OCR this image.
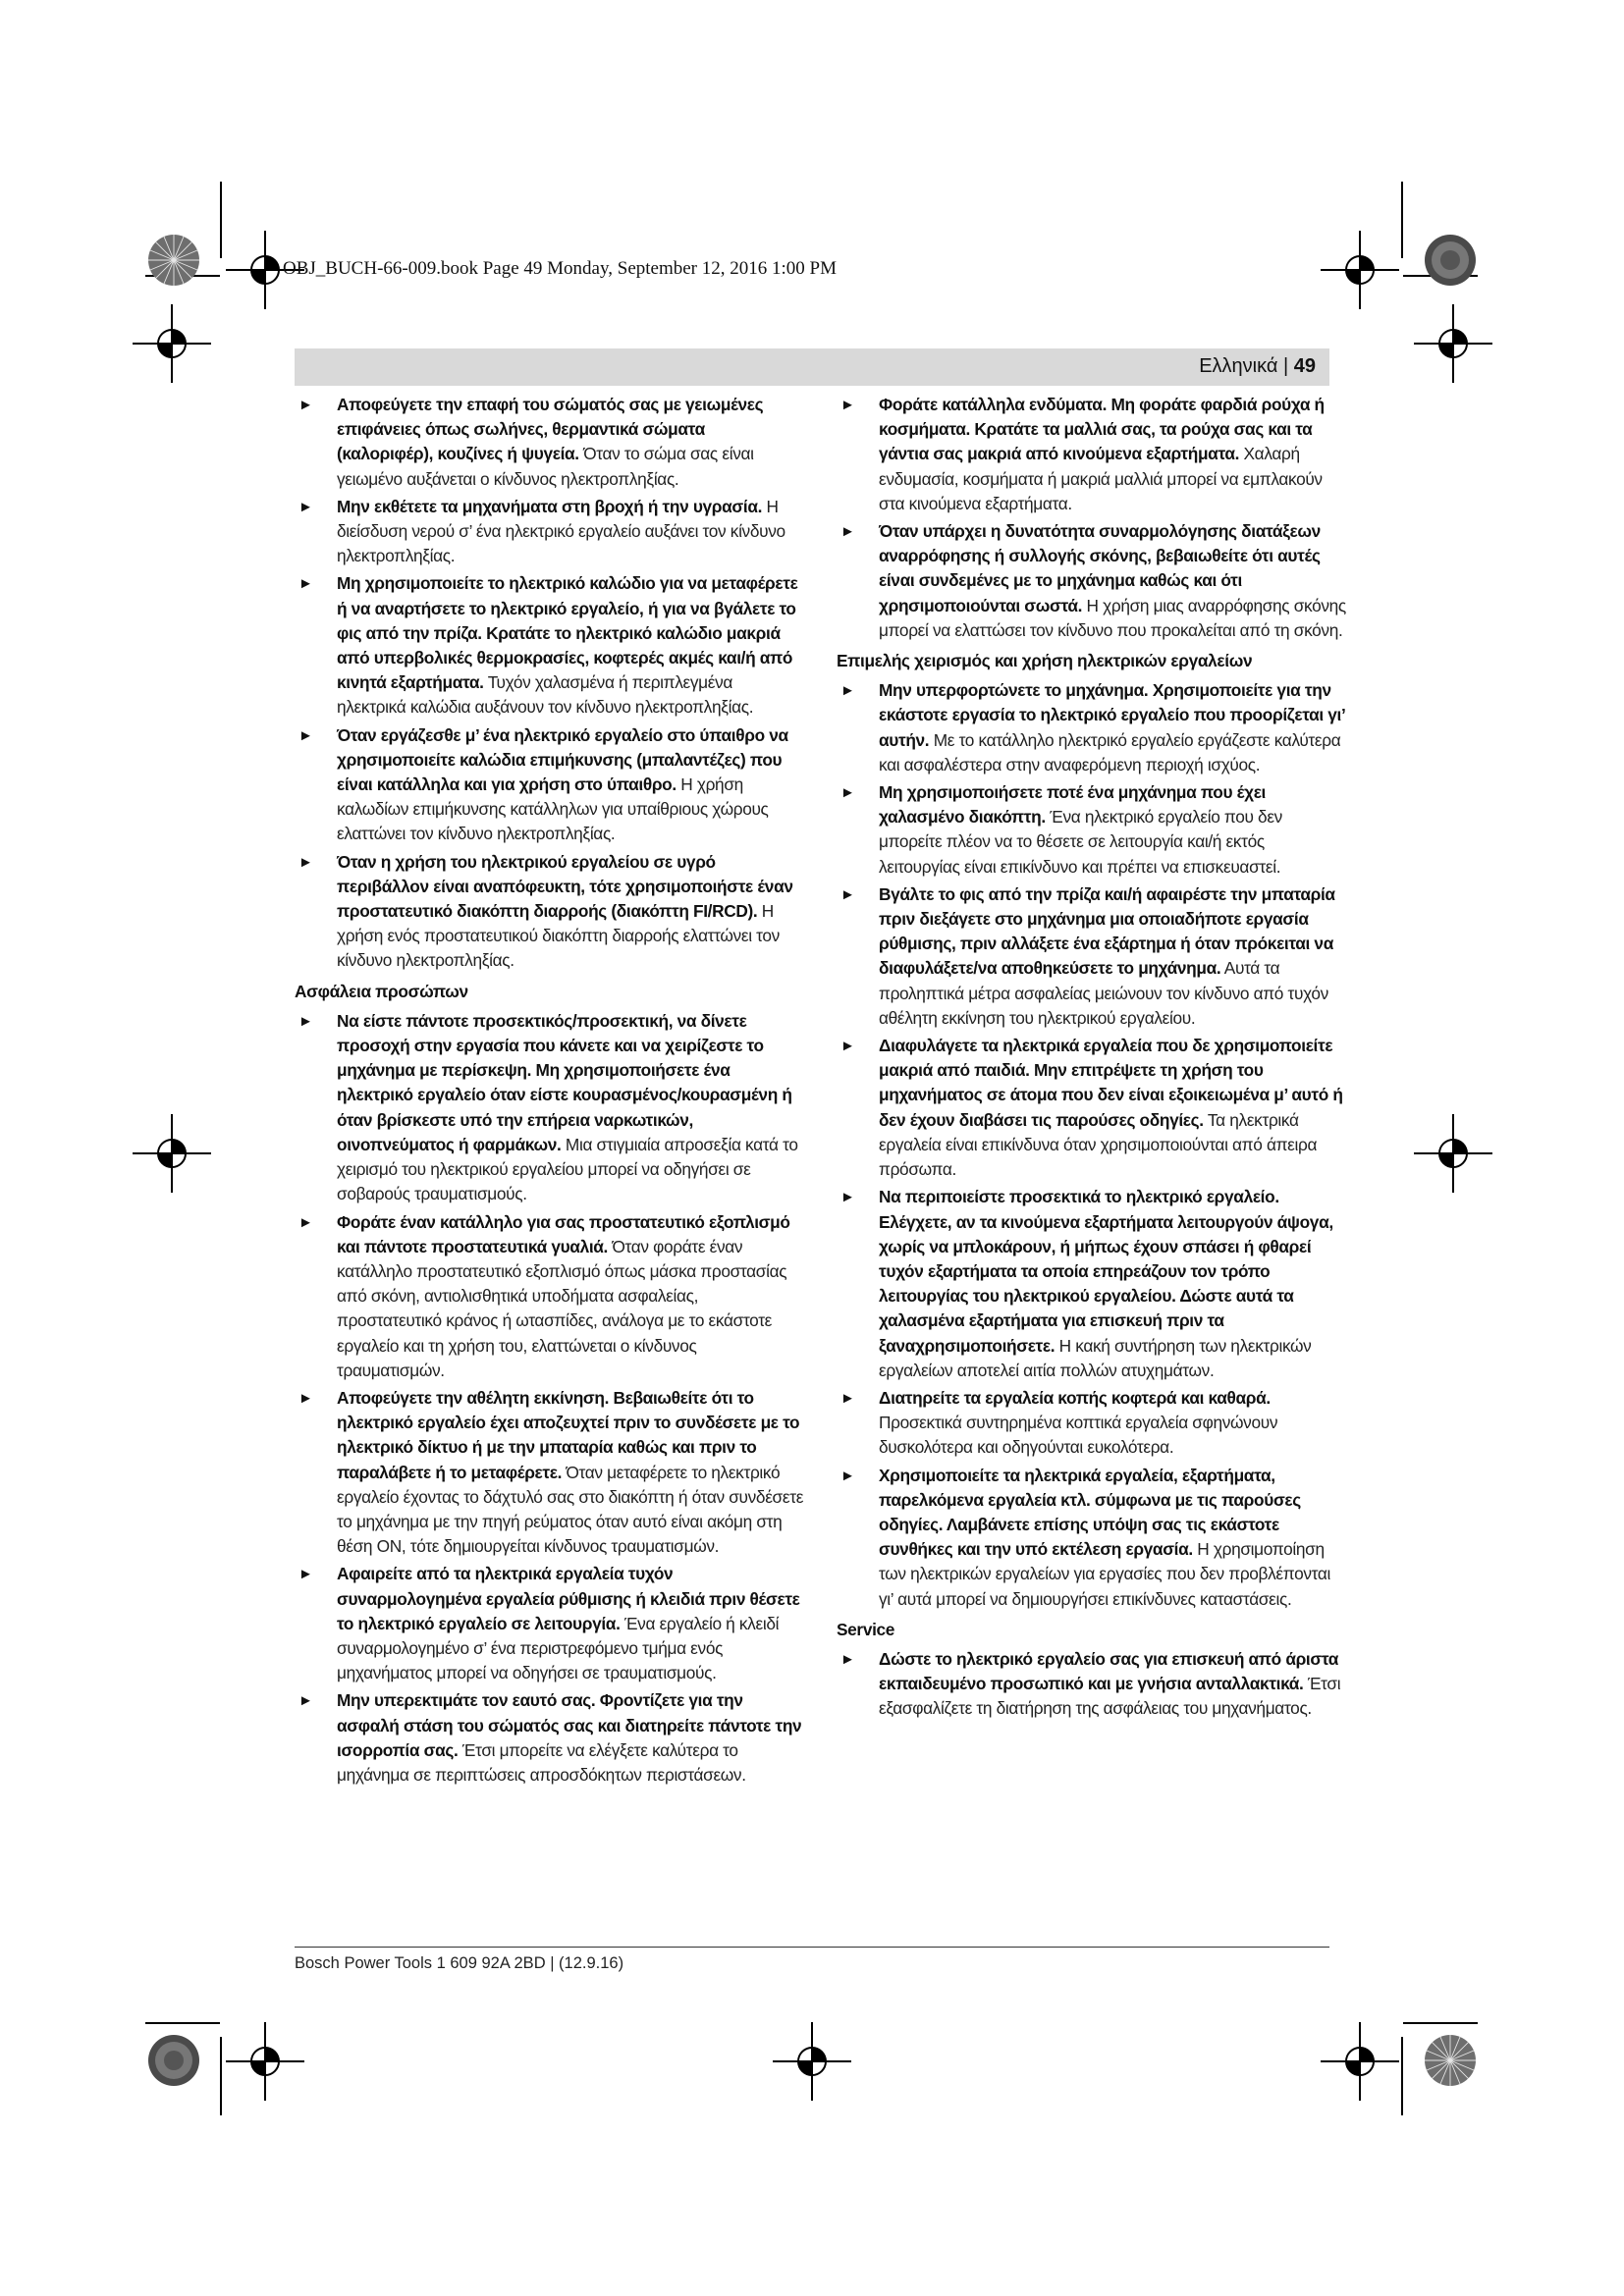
OBJ_BUCH-66-009.book Page 49 Monday, September 12, 2016 1:00 PM
Ελληνικά | 49
► Αποφεύγετε την επαφή του σώματός σας με γειωμένες επιφάνειες όπως σωλήνες, θερμαντικά σώματα (καλοριφέρ), κουζίνες ή ψυγεία. Όταν το σώμα σας είναι γειωμένο αυξάνεται ο κίνδυνος ηλεκτροπληξίας.
► Μην εκθέτετε τα μηχανήματα στη βροχή ή την υγρασία. Η διείσδυση νερού σ’ ένα ηλεκτρικό εργαλείο αυξάνει τον κίνδυνο ηλεκτροπληξίας.
► Μη χρησιμοποιείτε το ηλεκτρικό καλώδιο για να μεταφέρετε ή να αναρτήσετε το ηλεκτρικό εργαλείο, ή για να βγάλετε το φις από την πρίζα. Κρατάτε το ηλεκτρικό καλώδιο μακριά από υπερβολικές θερμοκρασίες, κοφτερές ακμές και/ή από κινητά εξαρτήματα. Τυχόν χαλασμένα ή περιπλεγμένα ηλεκτρικά καλώδια αυξάνουν τον κίνδυνο ηλεκτροπληξίας.
► Όταν εργάζεσθε μ’ ένα ηλεκτρικό εργαλείο στο ύπαιθρο να χρησιμοποιείτε καλώδια επιμήκυνσης (μπαλαντέζες) που είναι κατάλληλα και για χρήση στο ύπαιθρο. Η χρήση καλωδίων επιμήκυνσης κατάλληλων για υπαίθριους χώρους ελαττώνει τον κίνδυνο ηλεκτροπληξίας.
► Όταν η χρήση του ηλεκτρικού εργαλείου σε υγρό περιβάλλον είναι αναπόφευκτη, τότε χρησιμοποιήστε έναν προστατευτικό διακόπτη διαρροής (διακόπτη FI/RCD). Η χρήση ενός προστατευτικού διακόπτη διαρροής ελαττώνει τον κίνδυνο ηλεκτροπληξίας.
Ασφάλεια προσώπων
► Να είστε πάντοτε προσεκτικός/προσεκτική, να δίνετε προσοχή στην εργασία που κάνετε και να χειρίζεστε το μηχάνημα με περίσκεψη. Μη χρησιμοποιήσετε ένα ηλεκτρικό εργαλείο όταν είστε κουρασμένος/κουρασμένη ή όταν βρίσκεστε υπό την επήρεια ναρκωτικών, οινοπνεύματος ή φαρμάκων. Μια στιγμιαία απροσεξία κατά το χειρισμό του ηλεκτρικού εργαλείου μπορεί να οδηγήσει σε σοβαρούς τραυματισμούς.
► Φοράτε έναν κατάλληλο για σας προστατευτικό εξοπλισμό και πάντοτε προστατευτικά γυαλιά. Όταν φοράτε έναν κατάλληλο προστατευτικό εξοπλισμό όπως μάσκα προστασίας από σκόνη, αντιολισθητικά υποδήματα ασφαλείας, προστατευτικό κράνος ή ωτασπίδες, ανάλογα με το εκάστοτε εργαλείο και τη χρήση του, ελαττώνεται ο κίνδυνος τραυματισμών.
► Αποφεύγετε την αθέλητη εκκίνηση. Βεβαιωθείτε ότι το ηλεκτρικό εργαλείο έχει αποζευχτεί πριν το συνδέσετε με το ηλεκτρικό δίκτυο ή με την μπαταρία καθώς και πριν το παραλάβετε ή το μεταφέρετε. Όταν μεταφέρετε το ηλεκτρικό εργαλείο έχοντας το δάχτυλό σας στο διακόπτη ή όταν συνδέσετε το μηχάνημα με την πηγή ρεύματος όταν αυτό είναι ακόμη στη θέση ON, τότε δημιουργείται κίνδυνος τραυματισμών.
► Αφαιρείτε από τα ηλεκτρικά εργαλεία τυχόν συναρμολογημένα εργαλεία ρύθμισης ή κλειδιά πριν θέσετε το ηλεκτρικό εργαλείο σε λειτουργία. Ένα εργαλείο ή κλειδί συναρμολογημένο σ’ ένα περιστρεφόμενο τμήμα ενός μηχανήματος μπορεί να οδηγήσει σε τραυματισμούς.
► Μην υπερεκτιμάτε τον εαυτό σας. Φροντίζετε για την ασφαλή στάση του σώματός σας και διατηρείτε πάντοτε την ισορροπία σας. Έτσι μπορείτε να ελέγξετε καλύτερα το μηχάνημα σε περιπτώσεις απροσδόκητων περιστάσεων.
► Φοράτε κατάλληλα ενδύματα. Μη φοράτε φαρδιά ρούχα ή κοσμήματα. Κρατάτε τα μαλλιά σας, τα ρούχα σας και τα γάντια σας μακριά από κινούμενα εξαρτήματα. Χαλαρή ενδυμασία, κοσμήματα ή μακριά μαλλιά μπορεί να εμπλακούν στα κινούμενα εξαρτήματα.
► Όταν υπάρχει η δυνατότητα συναρμολόγησης διατάξεων αναρρόφησης ή συλλογής σκόνης, βεβαιωθείτε ότι αυτές είναι συνδεμένες με το μηχάνημα καθώς και ότι χρησιμοποιούνται σωστά. Η χρήση μιας αναρρόφησης σκόνης μπορεί να ελαττώσει τον κίνδυνο που προκαλείται από τη σκόνη.
Επιμελής χειρισμός και χρήση ηλεκτρικών εργαλείων
► Μην υπερφορτώνετε το μηχάνημα. Χρησιμοποιείτε για την εκάστοτε εργασία το ηλεκτρικό εργαλείο που προορίζεται γι’ αυτήν. Με το κατάλληλο ηλεκτρικό εργαλείο εργάζεστε καλύτερα και ασφαλέστερα στην αναφερόμενη περιοχή ισχύος.
► Μη χρησιμοποιήσετε ποτέ ένα μηχάνημα που έχει χαλασμένο διακόπτη. Ένα ηλεκτρικό εργαλείο που δεν μπορείτε πλέον να το θέσετε σε λειτουργία και/ή εκτός λειτουργίας είναι επικίνδυνο και πρέπει να επισκευαστεί.
► Βγάλτε το φις από την πρίζα και/ή αφαιρέστε την μπαταρία πριν διεξάγετε στο μηχάνημα μια οποιαδήποτε εργασία ρύθμισης, πριν αλλάξετε ένα εξάρτημα ή όταν πρόκειται να διαφυλάξετε/να αποθηκεύσετε το μηχάνημα. Αυτά τα προληπτικά μέτρα ασφαλείας μειώνουν τον κίνδυνο από τυχόν αθέλητη εκκίνηση του ηλεκτρικού εργαλείου.
► Διαφυλάγετε τα ηλεκτρικά εργαλεία που δε χρησιμοποιείτε μακριά από παιδιά. Μην επιτρέψετε τη χρήση του μηχανήματος σε άτομα που δεν είναι εξοικειωμένα μ’ αυτό ή δεν έχουν διαβάσει τις παρούσες οδηγίες. Τα ηλεκτρικά εργαλεία είναι επικίνδυνα όταν χρησιμοποιούνται από άπειρα πρόσωπα.
► Να περιποιείστε προσεκτικά το ηλεκτρικό εργαλείο. Ελέγχετε, αν τα κινούμενα εξαρτήματα λειτουργούν άψογα, χωρίς να μπλοκάρουν, ή μήπως έχουν σπάσει ή φθαρεί τυχόν εξαρτήματα τα οποία επηρεάζουν τον τρόπο λειτουργίας του ηλεκτρικού εργαλείου. Δώστε αυτά τα χαλασμένα εξαρτήματα για επισκευή πριν τα ξαναχρησιμοποιήσετε. Η κακή συντήρηση των ηλεκτρικών εργαλείων αποτελεί αιτία πολλών ατυχημάτων.
► Διατηρείτε τα εργαλεία κοπής κοφτερά και καθαρά. Προσεκτικά συντηρημένα κοπτικά εργαλεία σφηνώνουν δυσκολότερα και οδηγούνται ευκολότερα.
► Χρησιμοποιείτε τα ηλεκτρικά εργαλεία, εξαρτήματα, παρελκόμενα εργαλεία κτλ. σύμφωνα με τις παρούσες οδηγίες. Λαμβάνετε επίσης υπόψη σας τις εκάστοτε συνθήκες και την υπό εκτέλεση εργασία. Η χρησιμοποίηση των ηλεκτρικών εργαλείων για εργασίες που δεν προβλέπονται γι’ αυτά μπορεί να δημιουργήσει επικίνδυνες καταστάσεις.
Service
► Δώστε το ηλεκτρικό εργαλείο σας για επισκευή από άριστα εκπαιδευμένο προσωπικό και με γνήσια ανταλλακτικά. Έτσι εξασφαλίζετε τη διατήρηση της ασφάλειας του μηχανήματος.
Bosch Power Tools 1 609 92A 2BD | (12.9.16)
